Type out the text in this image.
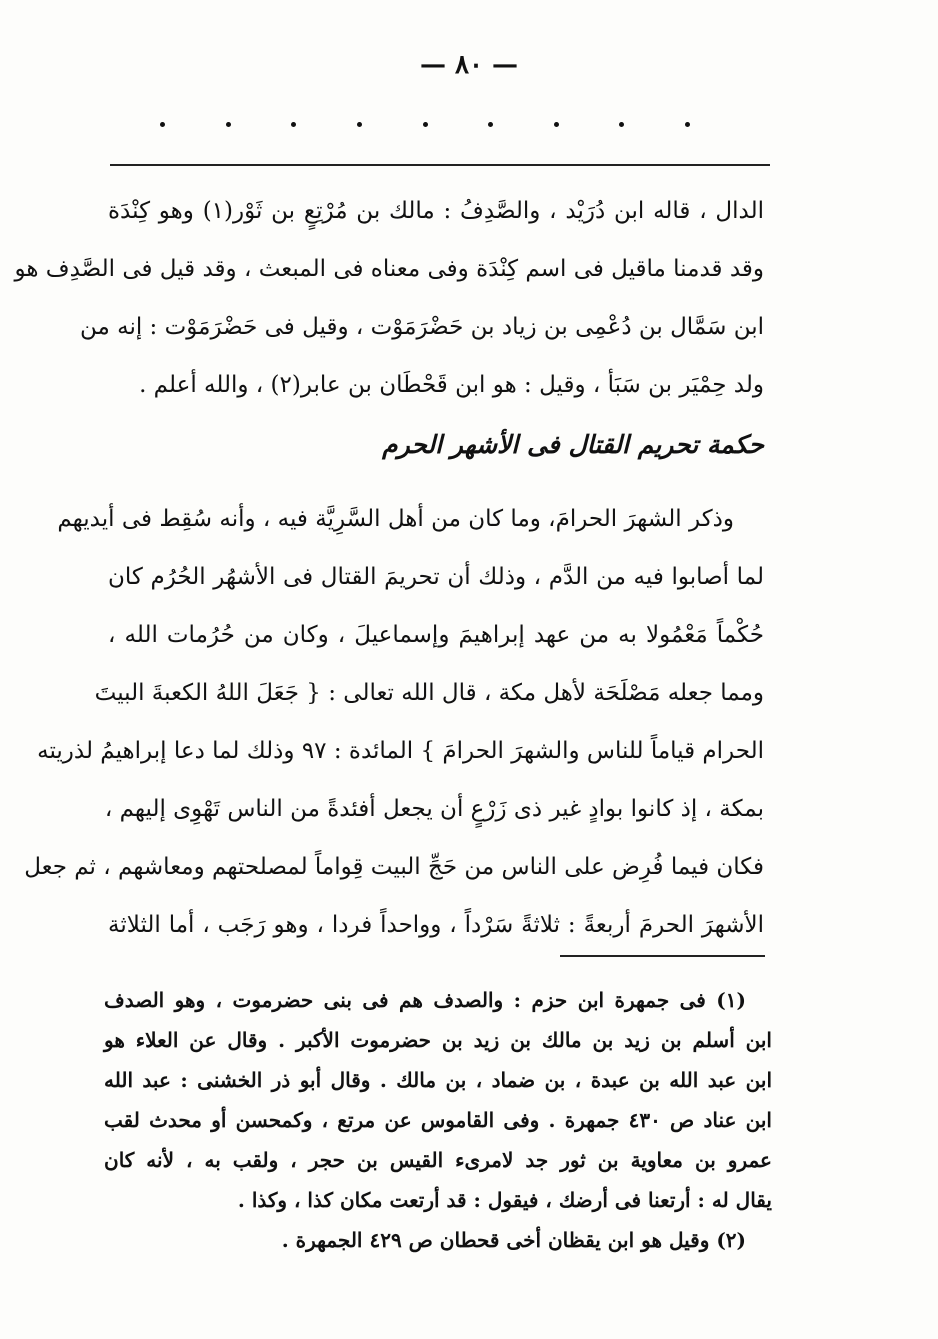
— ٨٠ —
الدال ، قاله ابن دُرَيْد ، والصَّدِفُ : مالك بن مُرْتِعٍ بن ثَوْر(١) وهو كِنْدَة
وقد قدمنا ماقيل فى اسم كِنْدَة وفى معناه فى المبعث ، وقد قيل فى الصَّدِف هو
ابن سَمَّال بن دُعْمِى بن زياد بن حَضْرَمَوْت ، وقيل فى حَضْرَمَوْت : إنه من
ولد حِمْيَر بن سَبَأ ، وقيل : هو ابن قَحْطَان بن عابر(٢) ، والله أعلم .
حكمة تحريم القتال فى الأشهر الحرم
وذكر الشهرَ الحرامَ، وما كان من أهل السَّرِيَّة فيه ، وأنه سُقِط فى أيديهم
لما أصابوا فيه من الدَّم ، وذلك أن تحريمَ القتال فى الأشهُر الحُرُم كان
حُكْماً مَعْمُولا به من عهد إبراهيمَ وإسماعيلَ ، وكان من حُرُمات الله ،
ومما جعله مَصْلَحَة لأهل مكة ، قال الله تعالى : { جَعَلَ اللهُ الكعبةَ البيتَ
الحرام قياماً للناس والشهرَ الحرامَ } المائدة : ٩٧ وذلك لما دعا إبراهيمُ لذريته
بمكة ، إذ كانوا بوادٍ غير ذى زَرْعٍ أن يجعل أفئدةً من الناس تَهْوِى إليهم ،
فكان فيما فُرِض على الناس من حَجِّ البيت قِواماً لمصلحتهم ومعاشهم ، ثم جعل
الأشهرَ الحرمَ أربعةً : ثلاثةً سَرْداً ، وواحداً فردا ، وهو رَجَب ، أما الثلاثة
(١) فى جمهرة ابن حزم : والصدف هم فى بنى حضرموت ، وهو الصدف
ابن أسلم بن زيد بن مالك بن زيد بن حضرموت الأكبر . وقال عن العلاء هو
ابن عبد الله بن عبدة ، بن ضماد ، بن مالك . وقال أبو ذر الخشنى : عبد الله
ابن عناد ص ٤٣٠ جمهرة . وفى القاموس عن مرتع ، وكمحسن أو محدث لقب
عمرو بن معاوية بن ثور جد لامرىء القيس بن حجر ، ولقب به ، لأنه كان
يقال له : أرتعنا فى أرضك ، فيقول : قد أرتعت مكان كذا ، وكذا .
(٢) وقيل هو ابن يقظان أخى قحطان ص ٤٢٩ الجمهرة .
